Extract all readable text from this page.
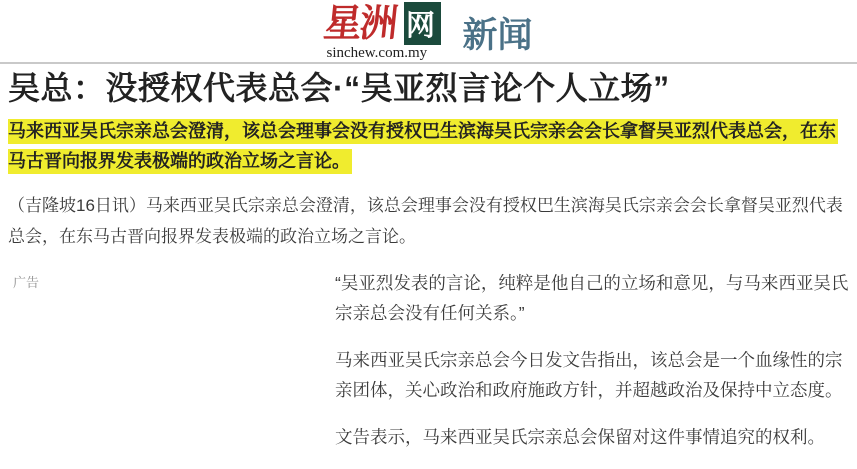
星洲 网
sinchew.com.my 新闻
吴总：没授权代表总会·“吴亚烈言论个人立场”

马来西亚吴氏宗亲总会澄清，该总会理事会没有授权巴生滨海吴氏宗亲会会长拿督吴亚烈代表总会，在东马古晋向报界发表极端的政治立场之言论。

（吉隆坡16日讯）马来西亚吴氏宗亲总会澄清，该总会理事会没有授权巴生滨海吴氏宗亲会会长拿督吴亚烈代表总会，在东马古晋向报界发表极端的政治立场之言论。

广告	“吴亚烈发表的言论，纯粹是他自己的立场和意见，与马来西亚吴氏宗亲总会没有任何关系。”

马来西亚吴氏宗亲总会今日发文告指出，该总会是一个血缘性的宗亲团体，关心政治和政府施政方针，并超越政治及保持中立态度。

文告表示，马来西亚吴氏宗亲总会保留对这件事情追究的权利。
